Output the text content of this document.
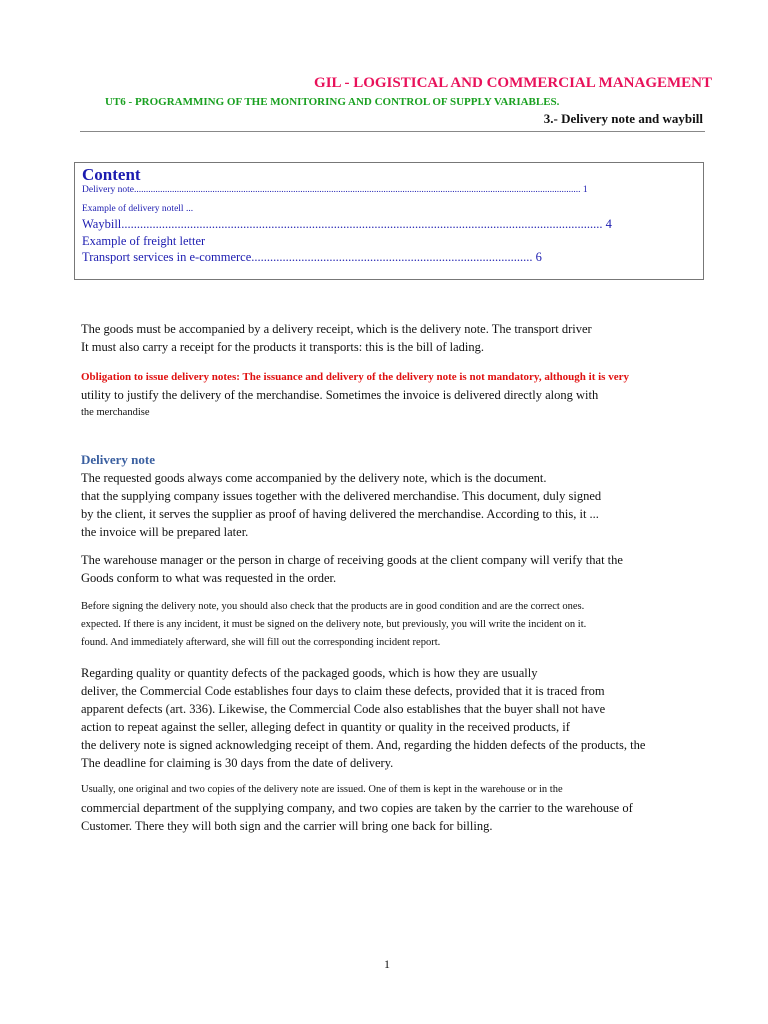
GIL - LOGISTICAL AND COMMERCIAL MANAGEMENT
UT6 - PROGRAMMING OF THE MONITORING AND CONTROL OF SUPPLY VARIABLES.
3.- Delivery note and waybill
Content
Delivery note............................................................................................................................................................................................ 1
Example of delivery notell ...
Waybill.......................................................................................................................................................... 4
Example of freight letter
Transport services in e-commerce.......................................................................................... 6
The goods must be accompanied by a delivery receipt, which is the delivery note. The transport driver
It must also carry a receipt for the products it transports: this is the bill of lading.
Obligation to issue delivery notes: The issuance and delivery of the delivery note is not mandatory, although it is very
utility to justify the delivery of the merchandise. Sometimes the invoice is delivered directly along with
the merchandise
Delivery note
The requested goods always come accompanied by the delivery note, which is the document.
that the supplying company issues together with the delivered merchandise. This document, duly signed
by the client, it serves the supplier as proof of having delivered the merchandise. According to this, it ...
the invoice will be prepared later.
The warehouse manager or the person in charge of receiving goods at the client company will verify that the
Goods conform to what was requested in the order.
Before signing the delivery note, you should also check that the products are in good condition and are the correct ones.
expected. If there is any incident, it must be signed on the delivery note, but previously, you will write the incident on it.
found. And immediately afterward, she will fill out the corresponding incident report.
Regarding quality or quantity defects of the packaged goods, which is how they are usually
deliver, the Commercial Code establishes four days to claim these defects, provided that it is traced from
apparent defects (art. 336). Likewise, the Commercial Code also establishes that the buyer shall not have
action to repeat against the seller, alleging defect in quantity or quality in the received products, if
the delivery note is signed acknowledging receipt of them. And, regarding the hidden defects of the products, the
The deadline for claiming is 30 days from the date of delivery.
Usually, one original and two copies of the delivery note are issued. One of them is kept in the warehouse or in the
commercial department of the supplying company, and two copies are taken by the carrier to the warehouse of
Customer. There they will both sign and the carrier will bring one back for billing.
1
